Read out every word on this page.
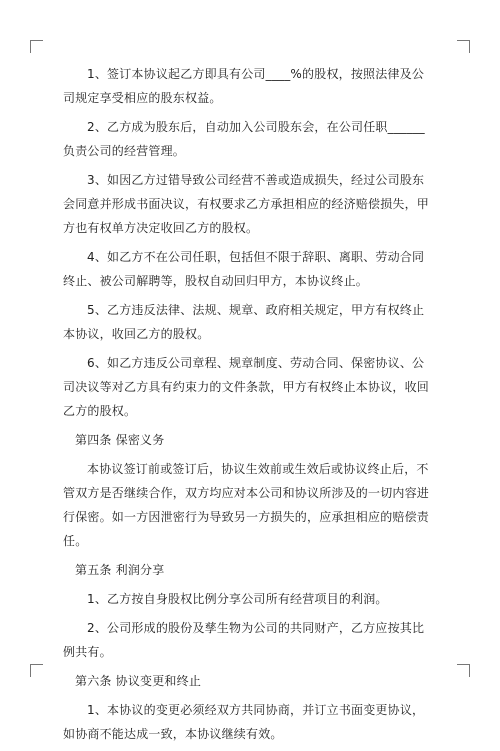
1、签订本协议起乙方即具有公司____%的股权，按照法律及公司规定享受相应的股东权益。

2、乙方成为股东后，自动加入公司股东会，在公司任职______负责公司的经营管理。

3、如因乙方过错导致公司经营不善或造成损失，经过公司股东会同意并形成书面决议，有权要求乙方承担相应的经济赔偿损失，甲方也有权单方决定收回乙方的股权。

4、如乙方不在公司任职，包括但不限于辞职、离职、劳动合同终止、被公司解聘等，股权自动回归甲方，本协议终止。

5、乙方违反法律、法规、规章、政府相关规定，甲方有权终止本协议，收回乙方的股权。

6、如乙方违反公司章程、规章制度、劳动合同、保密协议、公司决议等对乙方具有约束力的文件条款，甲方有权终止本协议，收回乙方的股权。

第四条 保密义务

本协议签订前或签订后，协议生效前或生效后或协议终止后，不管双方是否继续合作，双方均应对本公司和协议所涉及的一切内容进行保密。如一方因泄密行为导致另一方损失的，应承担相应的赔偿责任。

第五条 利润分享

1、乙方按自身股权比例分享公司所有经营项目的利润。

2、公司形成的股份及孳生物为公司的共同财产，乙方应按其比例共有。

第六条 协议变更和终止

1、本协议的变更必须经双方共同协商，并订立书面变更协议，如协商不能达成一致，本协议继续有效。
